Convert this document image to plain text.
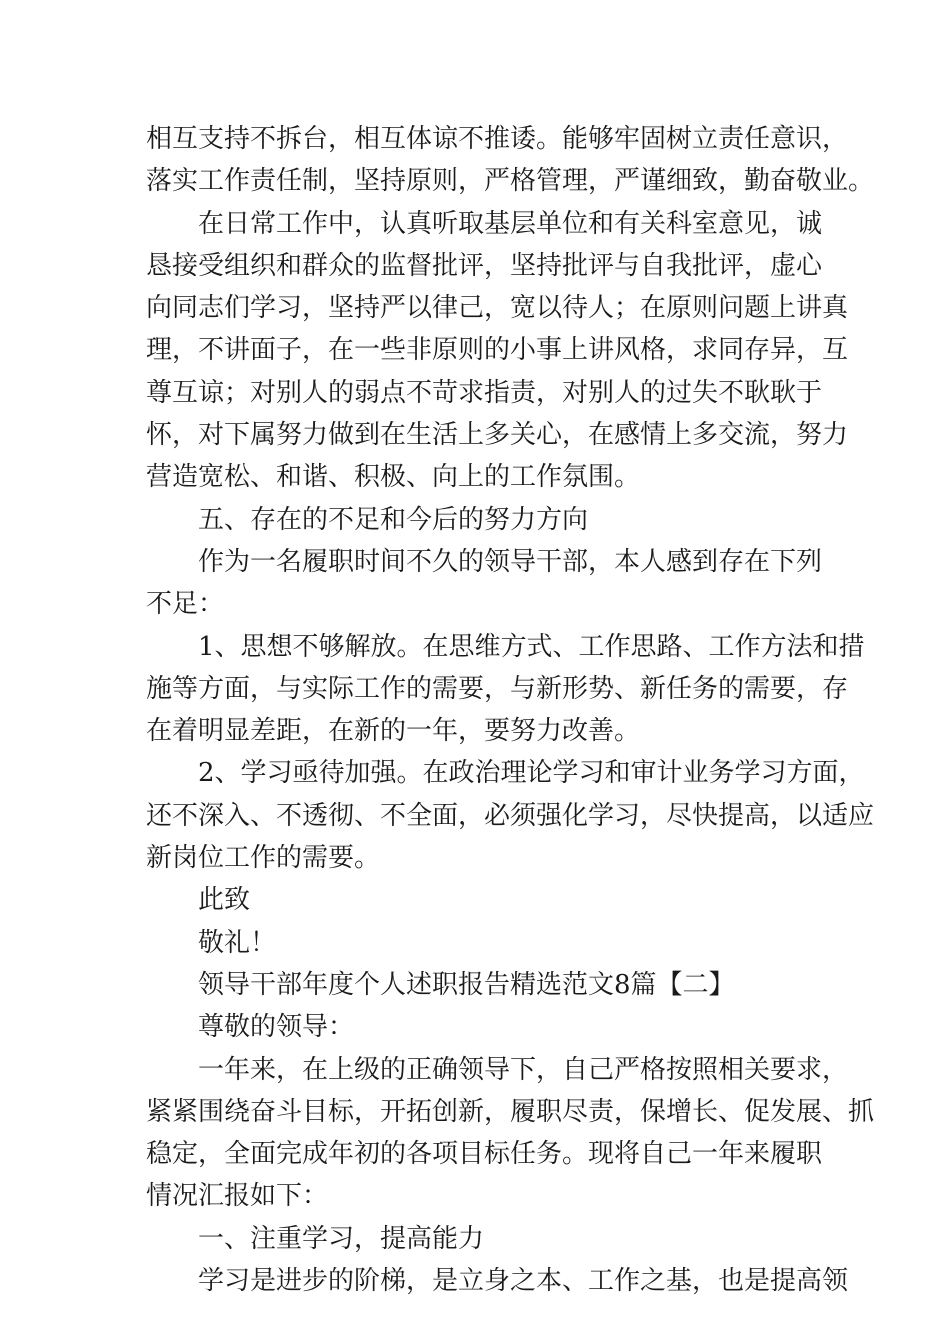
相互支持不拆台，相互体谅不推诿。能够牢固树立责任意识，
落实工作责任制，坚持原则，严格管理，严谨细致，勤奋敬业。
在日常工作中，认真听取基层单位和有关科室意见，诚
恳接受组织和群众的监督批评，坚持批评与自我批评，虚心
向同志们学习，坚持严以律己，宽以待人；在原则问题上讲真
理，不讲面子，在一些非原则的小事上讲风格，求同存异，互
尊互谅；对别人的弱点不苛求指责，对别人的过失不耿耿于
怀，对下属努力做到在生活上多关心，在感情上多交流，努力
营造宽松、和谐、积极、向上的工作氛围。
五、存在的不足和今后的努力方向
作为一名履职时间不久的领导干部，本人感到存在下列
不足：
1、思想不够解放。在思维方式、工作思路、工作方法和措
施等方面，与实际工作的需要，与新形势、新任务的需要，存
在着明显差距，在新的一年，要努力改善。
2、学习亟待加强。在政治理论学习和审计业务学习方面，
还不深入、不透彻、不全面，必须强化学习，尽快提高，以适应
新岗位工作的需要。
此致
敬礼！
领导干部年度个人述职报告精选范文8篇【二】
尊敬的领导：
一年来，在上级的正确领导下，自己严格按照相关要求，
紧紧围绕奋斗目标，开拓创新，履职尽责，保增长、促发展、抓
稳定，全面完成年初的各项目标任务。现将自己一年来履职
情况汇报如下：
一、注重学习，提高能力
学习是进步的阶梯，是立身之本、工作之基，也是提高领
